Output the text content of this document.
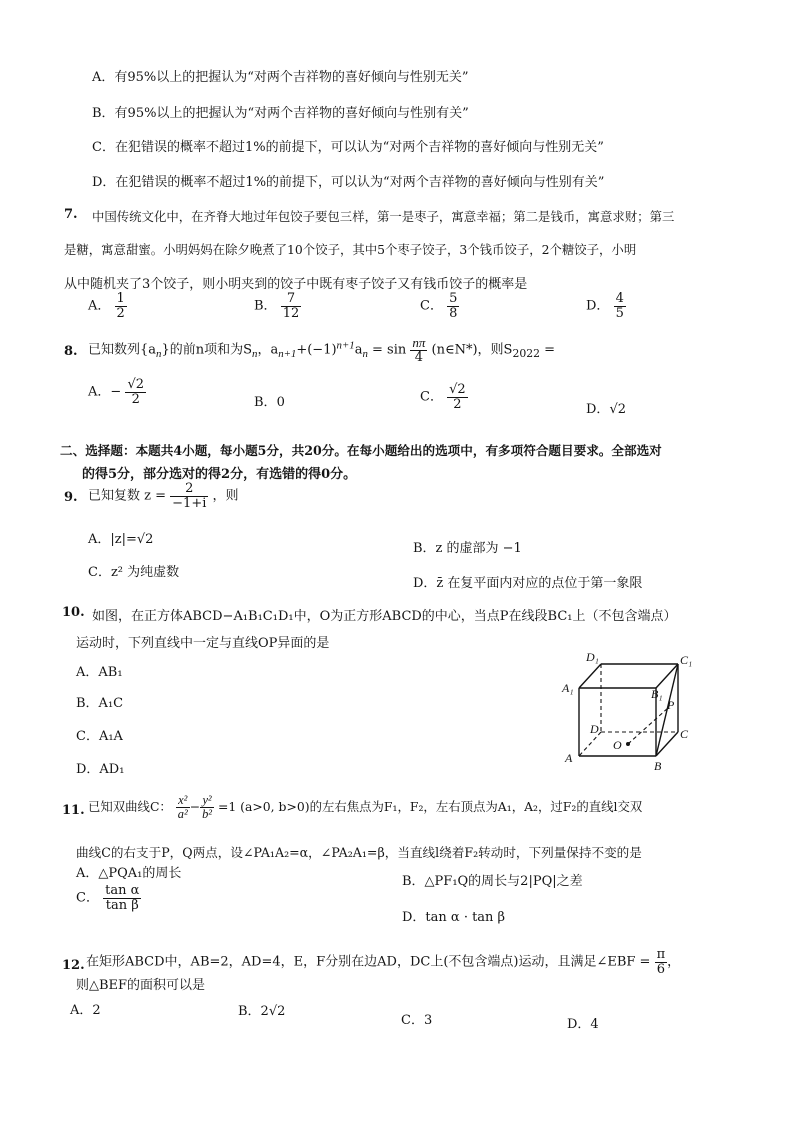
A．有95%以上的把握认为“对两个吉祥物的喜好倾向与性别无关”
B．有95%以上的把握认为“对两个吉祥物的喜好倾向与性别有关”
C．在犯错误的概率不超过1%的前提下，可以认为“对两个吉祥物的喜好倾向与性别无关”
D．在犯错误的概率不超过1%的前提下，可以认为“对两个吉祥物的喜好倾向与性别有关”
7. 中国传统文化中，在齐脊大地过年包饺子要包三样，第一是枣子，寓意幸福；第二是钱币，寓意求财；第三
是糖，寓意甜蜜。小明妈妈在除夕晚煮了10个饺子，其中5个枣子饺子，3个钱币饺子，2个糖饺子，小明
从中随机夹了3个饺子，则小明夹到的饺子中既有枣子饺子又有钱币饺子的概率是
A． $\frac{1}{2}$	B． $\frac{7}{12}$	C． $\frac{5}{8}$	D． $\frac{4}{5}$
8. 已知数列$\{a_n\}$的前n项和为$S_n$，$a_{n+1}+(-1)^{n+1}a_n = \sin \frac{n\pi}{4}$ (n∈N*)，则$S_{2022}$ =
A．− $\frac{√2}{2}$	B．0	C． $\frac{√2}{2}$	D．√2
二、选择题：本题共4小题，每小题5分，共20分。在每小题给出的选项中，有多项符合题目要求。全部选对
的得5分，部分选对的得2分，有选错的得0分。
9. 已知复数 $z = \frac{2}{-1+i}$ ，则
A．|z|=√2
B．z 的虚部为 −1
C．z² 为纯虚数
D．z̄ 在复平面内对应的点位于第一象限
10. 如图，在正方体ABCD−A₁B₁C₁D₁中，O为正方形ABCD的中心，当点P在线段BC₁上（不包含端点）
运动时，下列直线中一定与直线OP异面的是
A．AB₁
B．A₁C
C．A₁A
D．AD₁
D₁	C₁
A₁	B₁
P
D
O
C
A
B
11. 已知双曲线C： $\frac{\text{x²}}{\text{a²}} - \frac{\text{y²}}{\text{b²}} =1$ (a>0, b>0)的左右焦点为F₁，F₂，左右顶点为A₁，A₂，过F₂的直线l交双
曲线C的右支于P，Q两点，设∠PA₁A₂=α，∠PA₂A₁=β，当直线l绕着F₂转动时，下列量保持不变的是
A．△PQA₁的周长
B．△PF₁Q的周长与2|PQ|之差
C． $\frac{\text{tan α}}{\text{tan β}}$
D．tan α · tan β
12. 在矩形ABCD中，AB=2，AD=4，E，F分别在边AD，DC上(不包含端点)运动，且满足∠EBF = $\frac{\pi}{6}$ ，
则△BEF的面积可以是
A．2	B．2√2
C．3	D．4
